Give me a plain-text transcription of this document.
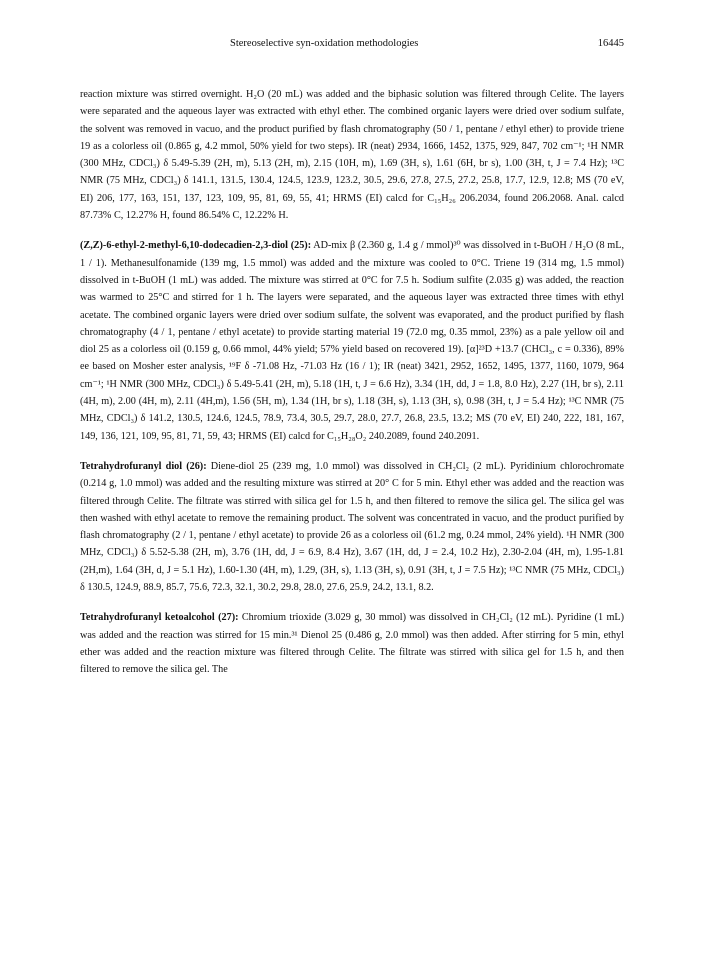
Stereoselective syn-oxidation methodologies	16445

reaction mixture was stirred overnight. H₂O (20 mL) was added and the biphasic solution was filtered through Celite. The layers were separated and the aqueous layer was extracted with ethyl ether. The combined organic layers were dried over sodium sulfate, the solvent was removed in vacuo, and the product purified by flash chromatography (50 / 1, pentane / ethyl ether) to provide triene 19 as a colorless oil (0.865 g, 4.2 mmol, 50% yield for two steps). IR (neat) 2934, 1666, 1452, 1375, 929, 847, 702 cm⁻¹; ¹H NMR (300 MHz, CDCl₃) δ 5.49-5.39 (2H, m), 5.13 (2H, m), 2.15 (10H, m), 1.69 (3H, s), 1.61 (6H, br s), 1.00 (3H, t, J = 7.4 Hz); ¹³C NMR (75 MHz, CDCl₃) δ 141.1, 131.5, 130.4, 124.5, 123.9, 123.2, 30.5, 29.6, 27.8, 27.5, 27.2, 25.8, 17.7, 12.9, 12.8; MS (70 eV, EI) 206, 177, 163, 151, 137, 123, 109, 95, 81, 69, 55, 41; HRMS (EI) calcd for C₁₅H₂₆ 206.2034, found 206.2068. Anal. calcd 87.73% C, 12.27% H, found 86.54% C, 12.22% H.

(Z,Z)-6-ethyl-2-methyl-6,10-dodecadien-2,3-diol (25): AD-mix β (2.360 g, 1.4 g / mmol)³⁰ was dissolved in t-BuOH / H₂O (8 mL, 1 / 1). Methanesulfonamide (139 mg, 1.5 mmol) was added and the mixture was cooled to 0°C. Triene 19 (314 mg, 1.5 mmol) dissolved in t-BuOH (1 mL) was added. The mixture was stirred at 0°C for 7.5 h. Sodium sulfite (2.035 g) was added, the reaction was warmed to 25°C and stirred for 1 h. The layers were separated, and the aqueous layer was extracted three times with ethyl acetate. The combined organic layers were dried over sodium sulfate, the solvent was evaporated, and the product purified by flash chromatography (4 / 1, pentane / ethyl acetate) to provide starting material 19 (72.0 mg, 0.35 mmol, 23%) as a pale yellow oil and diol 25 as a colorless oil (0.159 g, 0.66 mmol, 44% yield; 57% yield based on recovered 19). [α]²³D +13.7 (CHCl₃, c = 0.336), 89% ee based on Mosher ester analysis, ¹⁹F δ -71.08 Hz, -71.03 Hz (16 / 1); IR (neat) 3421, 2952, 1652, 1495, 1377, 1160, 1079, 964 cm⁻¹; ¹H NMR (300 MHz, CDCl₃) δ 5.49-5.41 (2H, m), 5.18 (1H, t, J = 6.6 Hz), 3.34 (1H, dd, J = 1.8, 8.0 Hz), 2.27 (1H, br s), 2.11 (4H, m), 2.00 (4H, m), 2.11 (4H,m), 1.56 (5H, m), 1.34 (1H, br s), 1.18 (3H, s), 1.13 (3H, s), 0.98 (3H, t, J = 5.4 Hz); ¹³C NMR (75 MHz, CDCl₃) δ 141.2, 130.5, 124.6, 124.5, 78.9, 73.4, 30.5, 29.7, 28.0, 27.7, 26.8, 23.5, 13.2; MS (70 eV, EI) 240, 222, 181, 167, 149, 136, 121, 109, 95, 81, 71, 59, 43; HRMS (EI) calcd for C₁₅H₂₈O₂ 240.2089, found 240.2091.

Tetrahydrofuranyl diol (26): Diene-diol 25 (239 mg, 1.0 mmol) was dissolved in CH₂Cl₂ (2 mL). Pyridinium chlorochromate (0.214 g, 1.0 mmol) was added and the resulting mixture was stirred at 20° C for 5 min. Ethyl ether was added and the reaction was filtered through Celite. The filtrate was stirred with silica gel for 1.5 h, and then filtered to remove the silica gel. The silica gel was then washed with ethyl acetate to remove the remaining product. The solvent was concentrated in vacuo, and the product purified by flash chromatography (2 / 1, pentane / ethyl acetate) to provide 26 as a colorless oil (61.2 mg, 0.24 mmol, 24% yield). ¹H NMR (300 MHz, CDCl₃) δ 5.52-5.38 (2H, m), 3.76 (1H, dd, J = 6.9, 8.4 Hz), 3.67 (1H, dd, J = 2.4, 10.2 Hz), 2.30-2.04 (4H, m), 1.95-1.81 (2H,m), 1.64 (3H, d, J = 5.1 Hz), 1.60-1.30 (4H, m), 1.29, (3H, s), 1.13 (3H, s), 0.91 (3H, t, J = 7.5 Hz); ¹³C NMR (75 MHz, CDCl₃) δ 130.5, 124.9, 88.9, 85.7, 75.6, 72.3, 32.1, 30.2, 29.8, 28.0, 27.6, 25.9, 24.2, 13.1, 8.2.

Tetrahydrofuranyl ketoalcohol (27): Chromium trioxide (3.029 g, 30 mmol) was dissolved in CH₂Cl₂ (12 mL). Pyridine (1 mL) was added and the reaction was stirred for 15 min.³¹ Dienol 25 (0.486 g, 2.0 mmol) was then added. After stirring for 5 min, ethyl ether was added and the reaction mixture was filtered through Celite. The filtrate was stirred with silica gel for 1.5 h, and then filtered to remove the silica gel. The
